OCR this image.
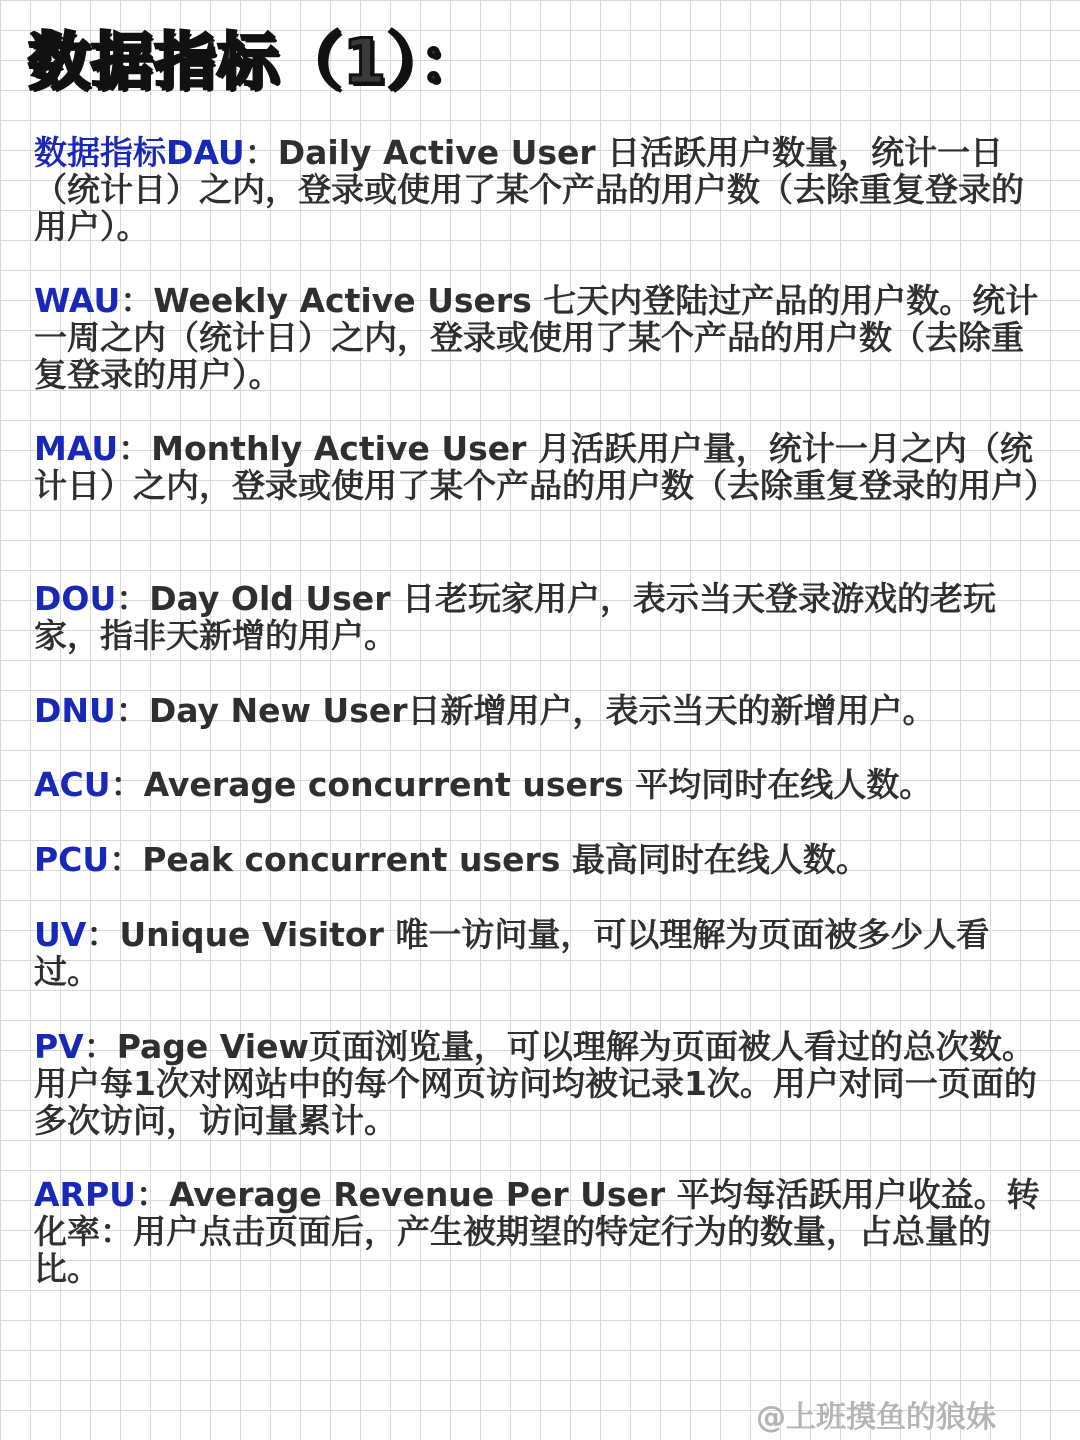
数据指标（1）：
数据指标DAU：Daily Active User 日活跃用户数量，统计一日（统计日）之内，登录或使用了某个产品的用户数（去除重复登录的用户）。
WAU：Weekly Active Users 七天内登陆过产品的用户数。统计一周之内（统计日）之内，登录或使用了某个产品的用户数（去除重复登录的用户）。
MAU：Monthly Active User 月活跃用户量，统计一月之内（统计日）之内，登录或使用了某个产品的用户数（去除重复登录的用户）
DOU：Day Old User 日老玩家用户，表示当天登录游戏的老玩家，指非天新增的用户。
DNU：Day New User日新增用户，表示当天的新增用户。
ACU：Average concurrent users 平均同时在线人数。
PCU：Peak concurrent users 最高同时在线人数。
UV：Unique Visitor 唯一访问量，可以理解为页面被多少人看过。
PV：Page View页面浏览量，可以理解为页面被人看过的总次数。用户每1次对网站中的每个网页访问均被记录1次。用户对同一页面的多次访问，访问量累计。
ARPU：Average Revenue Per User 平均每活跃用户收益。转化率：用户点击页面后，产生被期望的特定行为的数量，占总量的比。
@上班摸鱼的狼妹
